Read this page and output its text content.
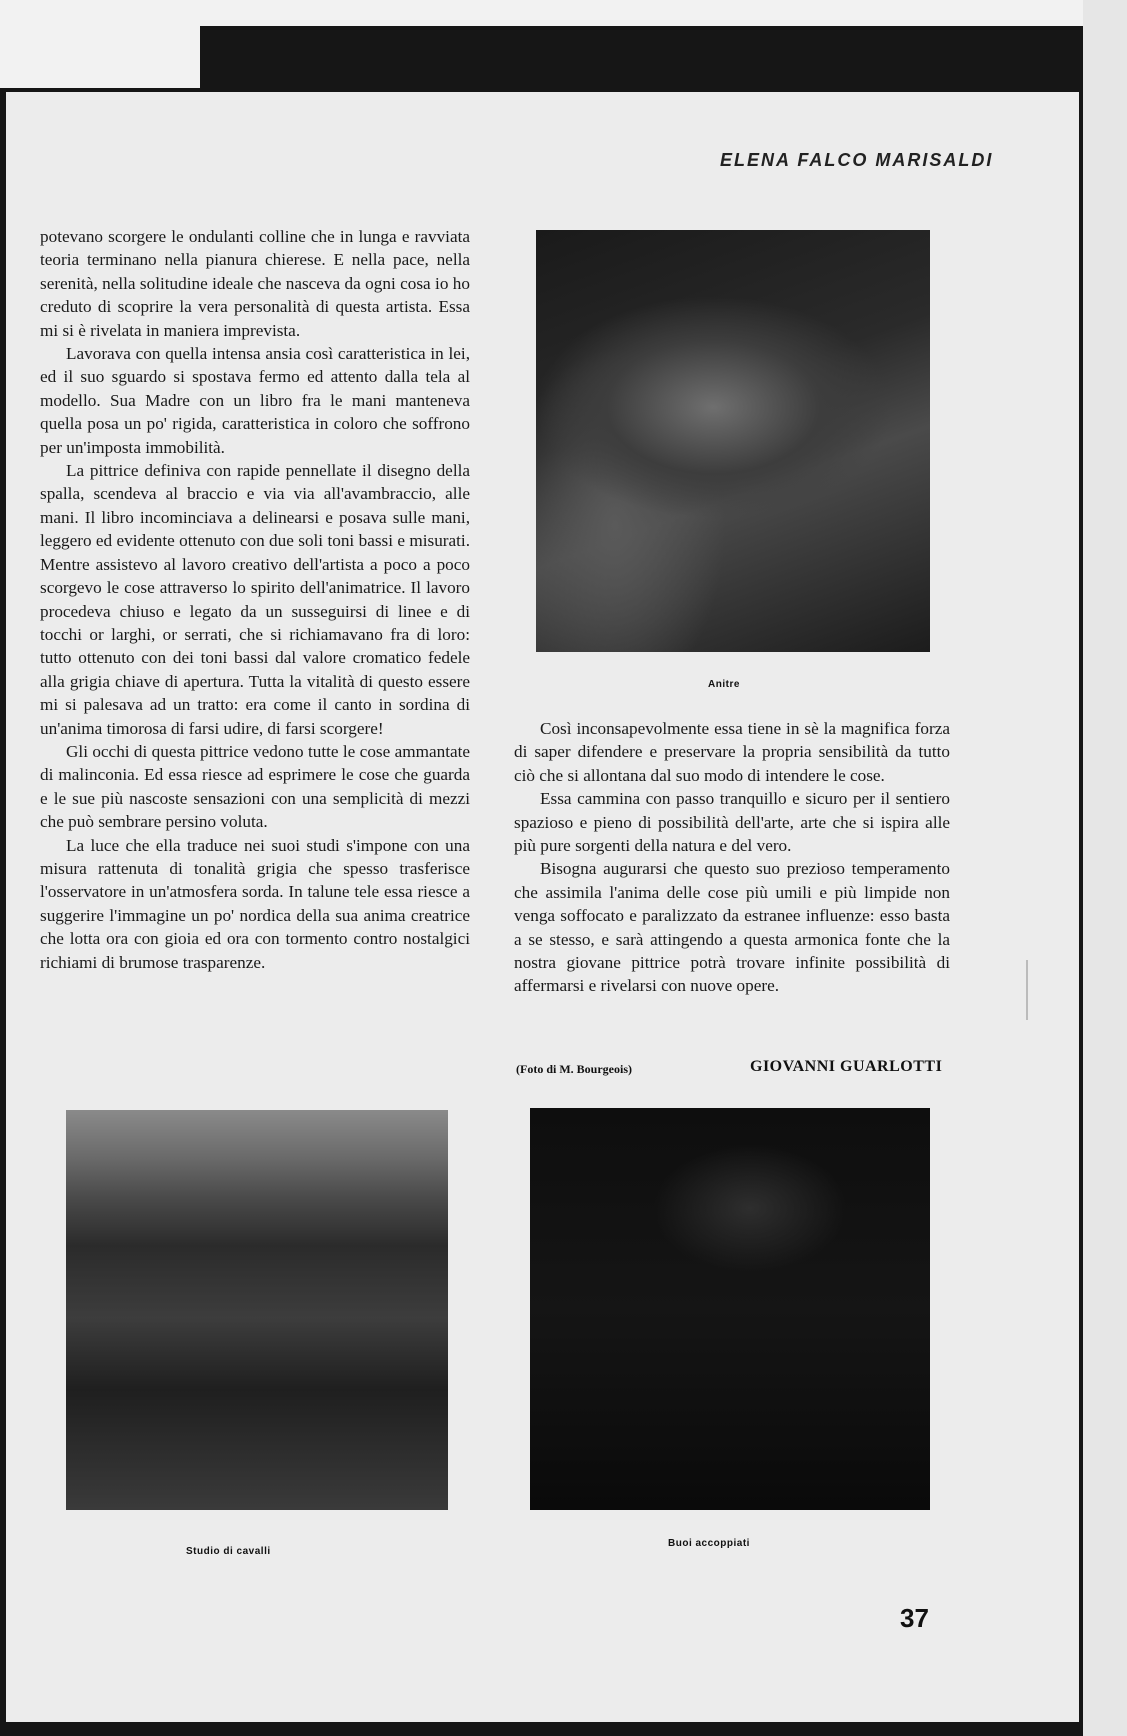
ELENA FALCO MARISALDI

potevano scorgere le ondulanti colline che in lunga e ravviata teoria terminano nella pianura chierese. E nella pace, nella serenità, nella solitudine ideale che nasceva da ogni cosa io ho creduto di scoprire la vera personalità di questa artista. Essa mi si è rivelata in maniera imprevista.

Lavorava con quella intensa ansia così caratteristica in lei, ed il suo sguardo si spostava fermo ed attento dalla tela al modello. Sua Madre con un libro fra le mani manteneva quella posa un po' rigida, caratteristica in coloro che soffrono per un'imposta immobilità.

La pittrice definiva con rapide pennellate il disegno della spalla, scendeva al braccio e via via all'avambraccio, alle mani. Il libro incominciava a delinearsi e posava sulle mani, leggero ed evidente ottenuto con due soli toni bassi e misurati. Mentre assistevo al lavoro creativo dell'artista a poco a poco scorgevo le cose attraverso lo spirito dell'animatrice. Il lavoro procedeva chiuso e legato da un susseguirsi di linee e di tocchi or larghi, or serrati, che si richiamavano fra di loro: tutto ottenuto con dei toni bassi dal valore cromatico fedele alla grigia chiave di apertura. Tutta la vitalità di questo essere mi si palesava ad un tratto: era come il canto in sordina di un'anima timorosa di farsi udire, di farsi scorgere!

Gli occhi di questa pittrice vedono tutte le cose ammantate di malinconia. Ed essa riesce ad esprimere le cose che guarda e le sue più nascoste sensazioni con una semplicità di mezzi che può sembrare persino voluta.

La luce che ella traduce nei suoi studi s'impone con una misura rattenuta di tonalità grigia che spesso trasferisce l'osservatore in un'atmosfera sorda. In talune tele essa riesce a suggerire l'immagine un po' nordica della sua anima creatrice che lotta ora con gioia ed ora con tormento contro nostalgici richiami di brumose trasparenze.

Anitre

Così inconsapevolmente essa tiene in sè la magnifica forza di saper difendere e preservare la propria sensibilità da tutto ciò che si allontana dal suo modo di intendere le cose.

Essa cammina con passo tranquillo e sicuro per il sentiero spazioso e pieno di possibilità dell'arte, arte che si ispira alle più pure sorgenti della natura e del vero.

Bisogna augurarsi che questo suo prezioso temperamento che assimila l'anima delle cose più umili e più limpide non venga soffocato e paralizzato da estranee influenze: esso basta a se stesso, e sarà attingendo a questa armonica fonte che la nostra giovane pittrice potrà trovare infinite possibilità di affermarsi e rivelarsi con nuove opere.

(Foto di M. Bourgeois)	GIOVANNI GUARLOTTI
Studio di cavalli
Buoi accoppiati
37
